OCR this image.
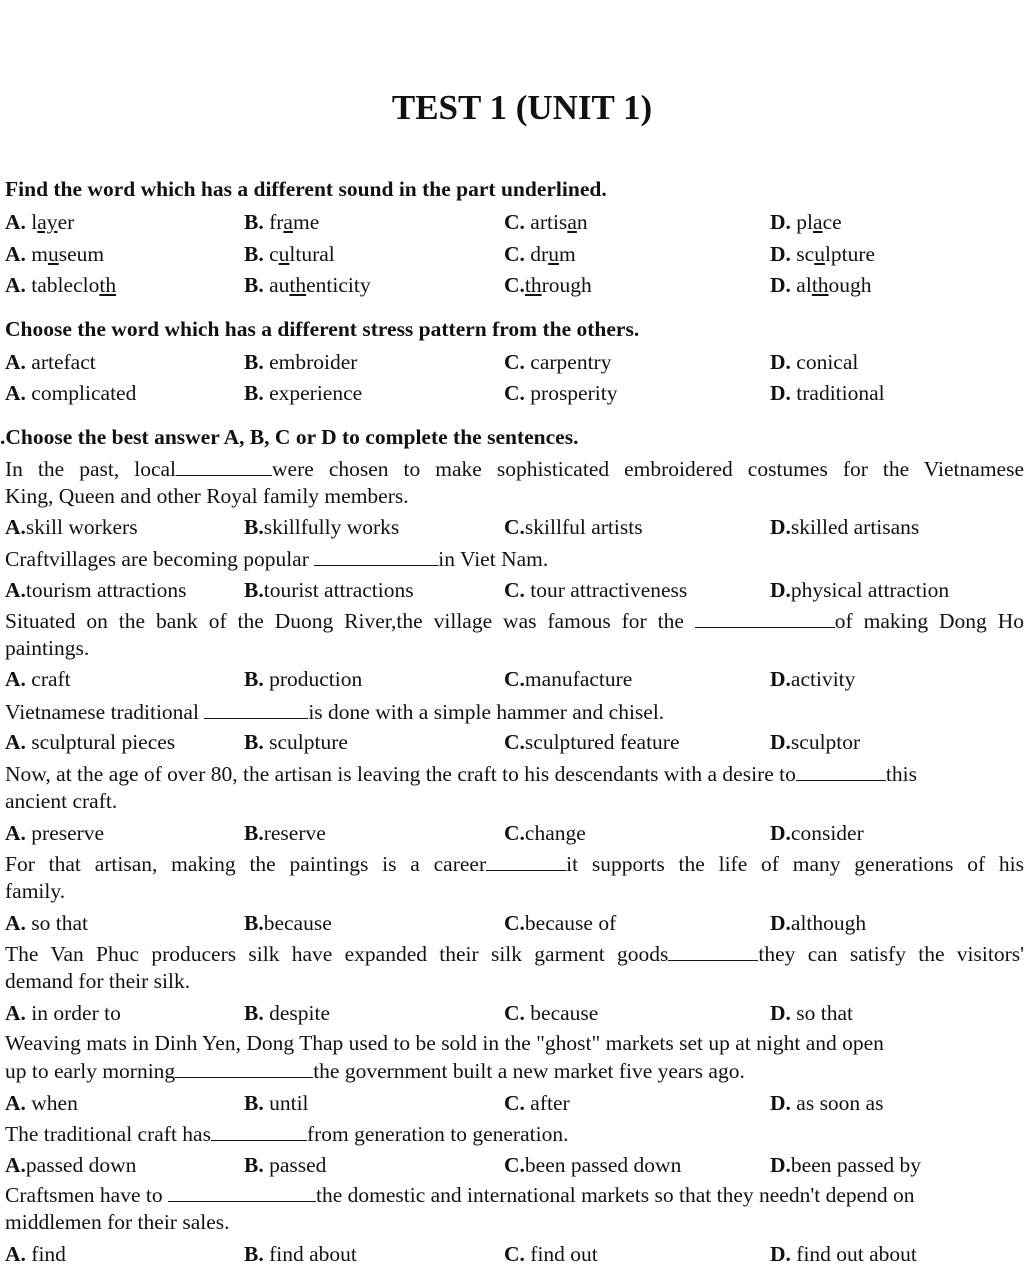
TEST 1 (UNIT 1)
Find the word which has a different sound in the part underlined.
A. layer	B. frame	C. artisan	D. place
A. museum	B. cultural	C. drum	D. sculpture
A. tablecloth	B. authenticity	C.through	D. although
Choose the word which has a different stress pattern from the others.
A. artefact	B. embroider	C. carpentry	D. conical
A. complicated	B. experience	C. prosperity	D. traditional
.Choose the best answer A, B, C or D to complete the sentences.
In the past, local	were chosen to make sophisticated embroidered costumes for the Vietnamese
King, Queen and other Royal family members.
A.skill workers	B.skillfully works	C.skillful artists	D.skilled artisans
Craftvillages are becoming popular	in Viet Nam.
A.tourism attractions	B.tourist attractions	C. tour attractiveness	D.physical attraction
Situated on the bank of the Duong River,the village was famous for the	of making Dong Ho
paintings.
A. craft	B. production	C.manufacture	D.activity
Vietnamese traditional	is done with a simple hammer and chisel.
A. sculptural pieces	B. sculpture	C.sculptured feature	D.sculptor
Now, at the age of over 80, the artisan is leaving the craft to his descendants with a desire to	this
ancient craft.
A. preserve	B.reserve	C.change	D.consider
For that artisan, making the paintings is a career	it supports the life of many generations of his
family.
A. so that	B.because	C.because of	D.although
The Van Phuc producers silk have expanded their silk garment goods	they can satisfy the visitors'
demand for their silk.
A. in order to	B. despite	C. because	D. so that
Weaving mats in Dinh Yen, Dong Thap used to be sold in the "ghost" markets set up at night and open
up to early morning	the government built a new market five years ago.
A. when	B. until	C. after	D. as soon as
The traditional craft has	from generation to generation.
A.passed down	B. passed	C.been passed down	D.been passed by
Craftsmen have to	the domestic and international markets so that they needn't depend on
middlemen for their sales.
A. find	B. find about	C. find out	D. find out about
